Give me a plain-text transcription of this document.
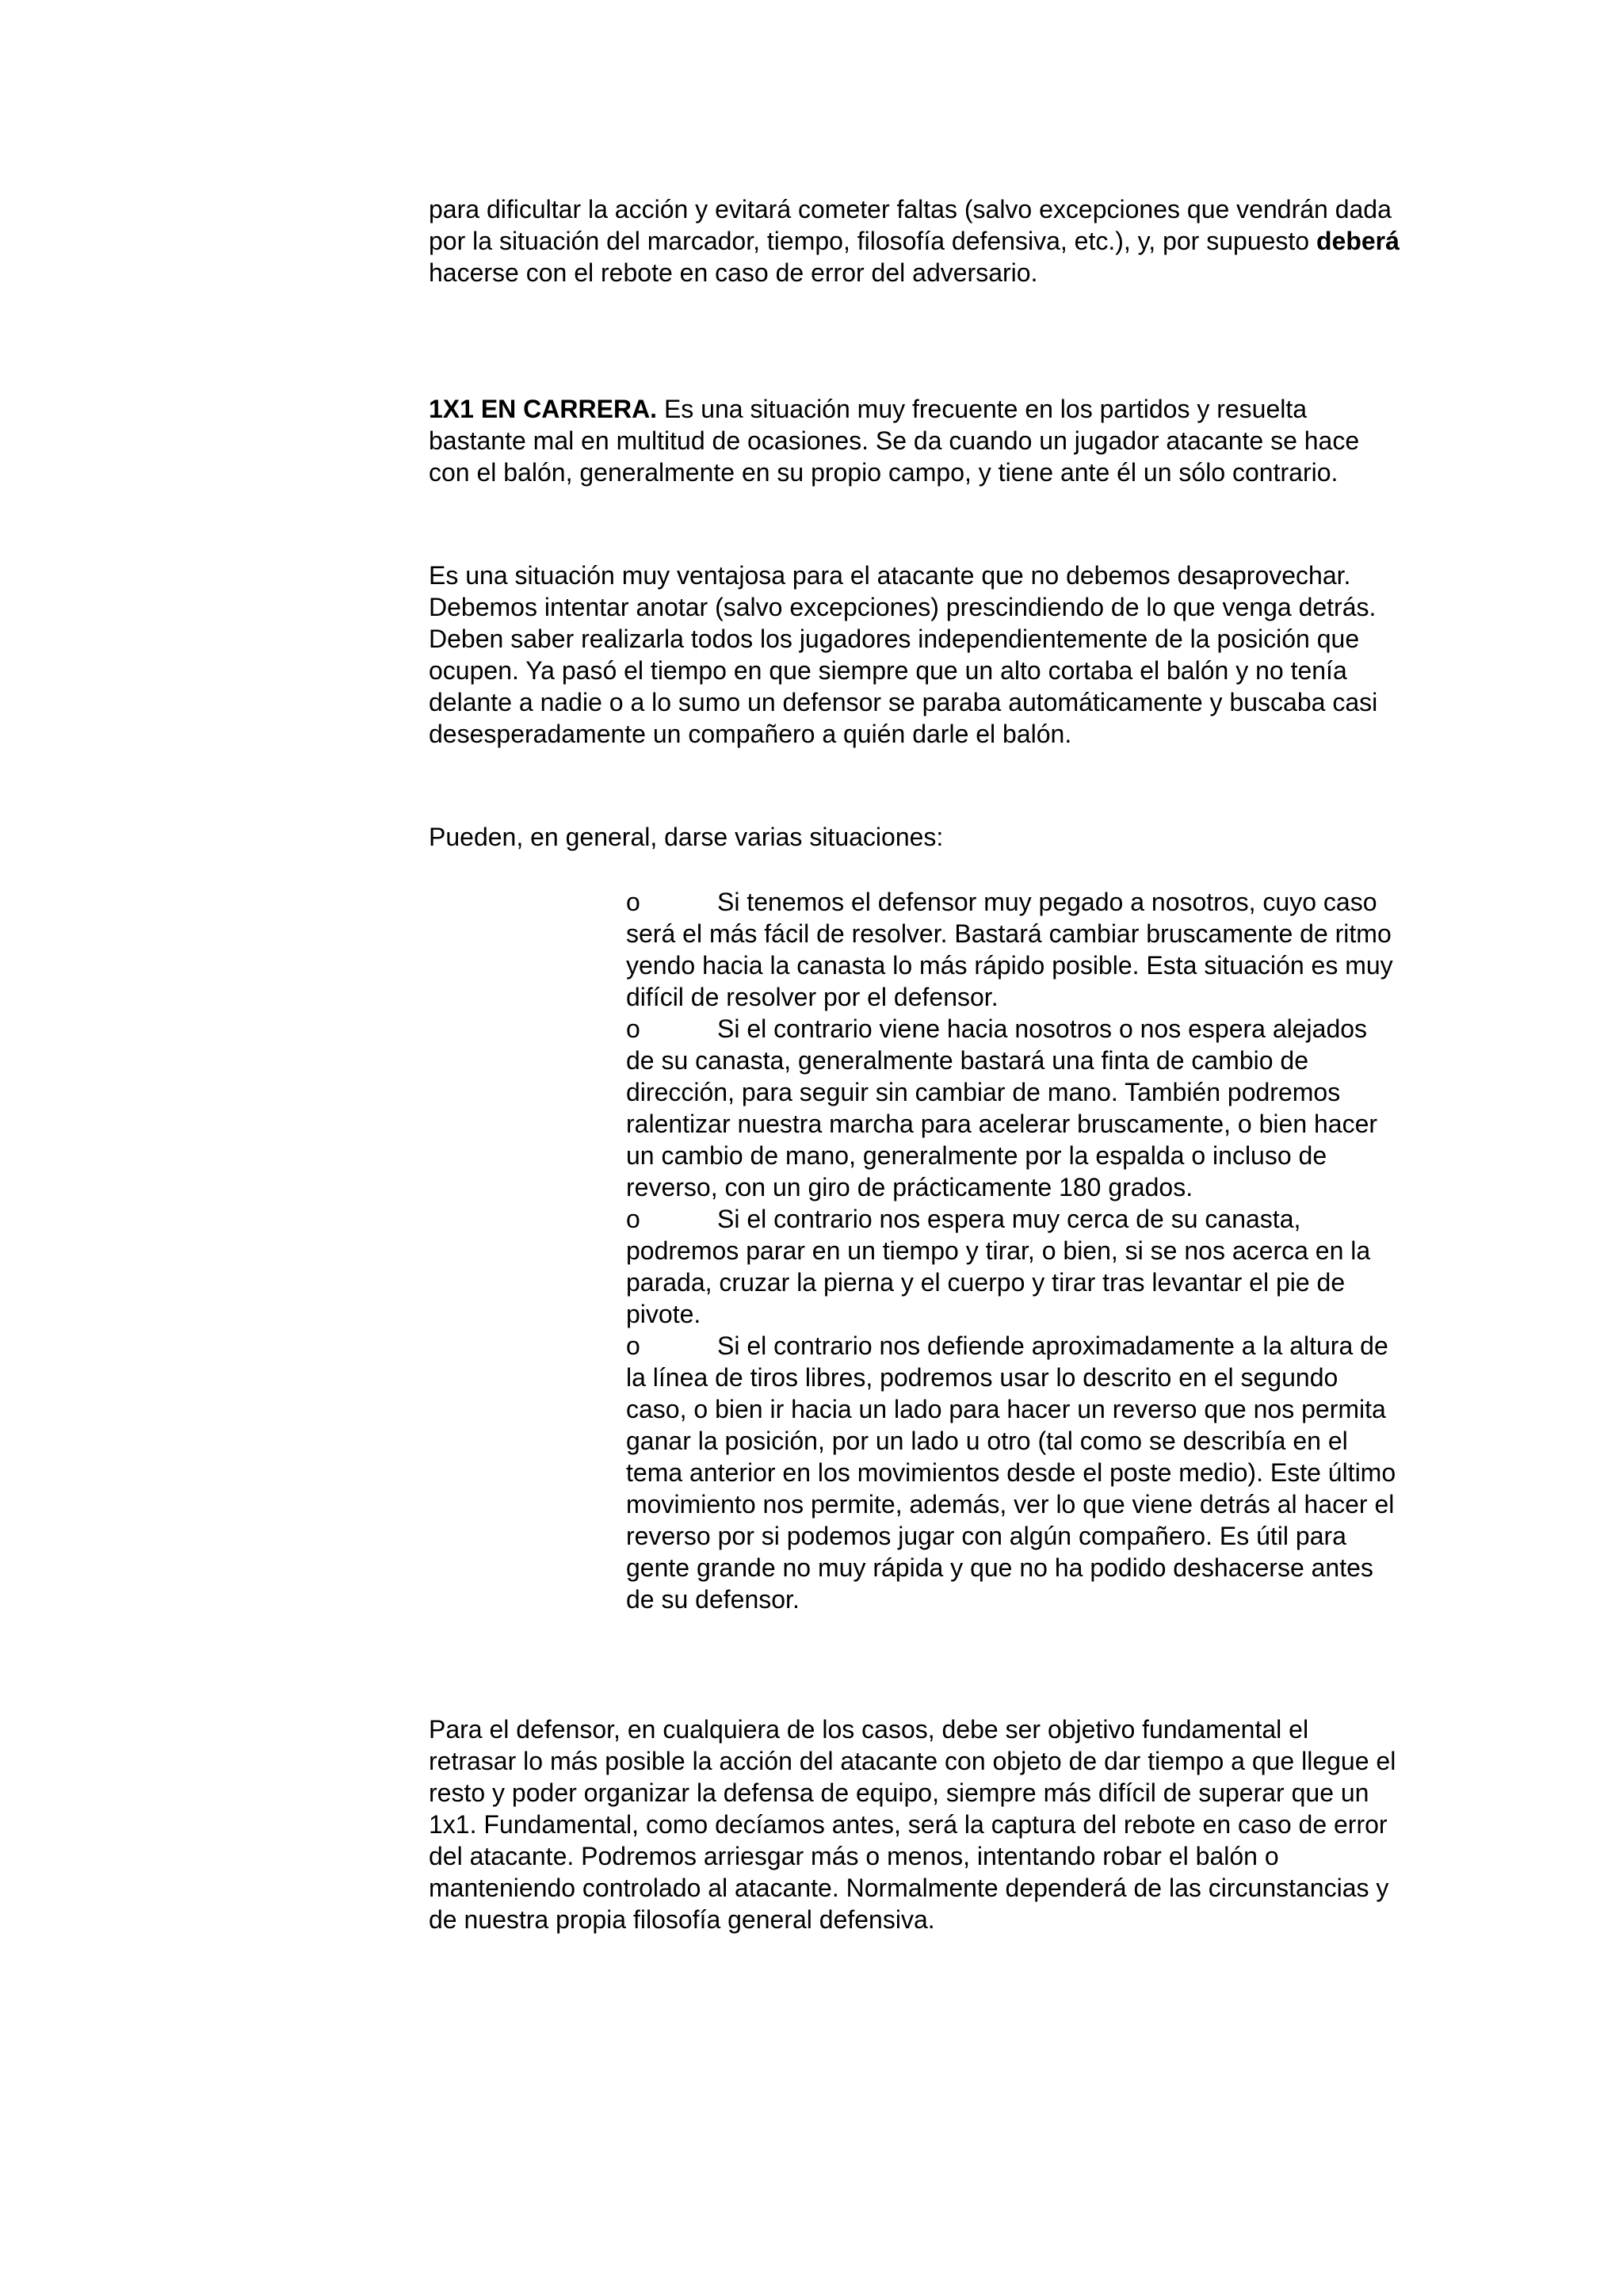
para dificultar la acción y evitará cometer faltas (salvo excepciones que vendrán dada por la situación del marcador, tiempo, filosofía defensiva, etc.), y, por supuesto deberá hacerse con el rebote en caso de error del adversario.

1X1 EN CARRERA. Es una situación muy frecuente en los partidos y resuelta bastante mal en multitud de ocasiones. Se da cuando un jugador atacante se hace con el balón, generalmente en su propio campo, y tiene ante él un sólo contrario.

Es una situación muy ventajosa para el atacante que no debemos desaprovechar. Debemos intentar anotar (salvo excepciones) prescindiendo de lo que venga detrás. Deben saber realizarla todos los jugadores independientemente de la posición que ocupen. Ya pasó el tiempo en que siempre que un alto cortaba el balón y no tenía delante a nadie o a lo sumo un defensor se paraba automáticamente y buscaba casi desesperadamente un compañero a quién darle el balón.

Pueden, en general, darse varias situaciones:

o	Si tenemos el defensor muy pegado a nosotros, cuyo caso será el más fácil de resolver. Bastará cambiar bruscamente de ritmo yendo hacia la canasta lo más rápido posible. Esta situación es muy difícil de resolver por el defensor.
o	Si el contrario viene hacia nosotros o nos espera alejados de su canasta, generalmente bastará una finta de cambio de dirección, para seguir sin cambiar de mano. También podremos ralentizar nuestra marcha para acelerar bruscamente, o bien hacer un cambio de mano, generalmente por la espalda o incluso de reverso, con un giro de prácticamente 180 grados.
o	Si el contrario nos espera muy cerca de su canasta, podremos parar en un tiempo y tirar, o bien, si se nos acerca en la parada, cruzar la pierna y el cuerpo y tirar tras levantar el pie de pivote.
o	Si el contrario nos defiende aproximadamente a la altura de la línea de tiros libres, podremos usar lo descrito en el segundo caso, o bien ir hacia un lado para hacer un reverso que nos permita ganar la posición, por un lado u otro (tal como se describía en el tema anterior en los movimientos desde el poste medio). Este último movimiento nos permite, además, ver lo que viene detrás al hacer el reverso por si podemos jugar con algún compañero. Es útil para gente grande no muy rápida y que no ha podido deshacerse antes de su defensor.

Para el defensor, en cualquiera de los casos, debe ser objetivo fundamental el retrasar lo más posible la acción del atacante con objeto de dar tiempo a que llegue el resto y poder organizar la defensa de equipo, siempre más difícil de superar que un 1x1. Fundamental, como decíamos antes, será la captura del rebote en caso de error del atacante. Podremos arriesgar más o menos, intentando robar el balón o manteniendo controlado al atacante. Normalmente dependerá de las circunstancias y de nuestra propia filosofía general defensiva.
